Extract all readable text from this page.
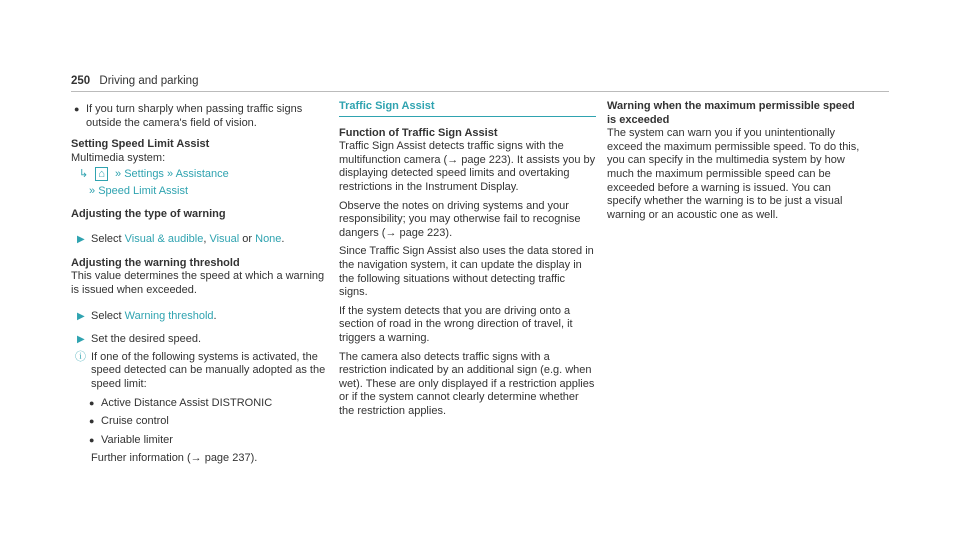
250 Driving and parking
● If you turn sharply when passing traffic signs outside the camera's field of vision.
Setting Speed Limit Assist
Multimedia system:
↳ ⌂ » Settings » Assistance
» Speed Limit Assist
Adjusting the type of warning
▶ Select Visual & audible, Visual or None.
Adjusting the warning threshold
This value determines the speed at which a warning is issued when exceeded.
▶ Select Warning threshold.
▶ Set the desired speed.
ⓘ If one of the following systems is activated, the speed detected can be manually adopted as the speed limit:
● Active Distance Assist DISTRONIC
● Cruise control
● Variable limiter
Further information (→ page 237).
Traffic Sign Assist
Function of Traffic Sign Assist
Traffic Sign Assist detects traffic signs with the multifunction camera (→ page 223). It assists you by displaying detected speed limits and overtaking restrictions in the Instrument Display.
Observe the notes on driving systems and your responsibility; you may otherwise fail to recognise dangers (→ page 223).
Since Traffic Sign Assist also uses the data stored in the navigation system, it can update the display in the following situations without detecting traffic signs.
If the system detects that you are driving onto a section of road in the wrong direction of travel, it triggers a warning.
The camera also detects traffic signs with a restriction indicated by an additional sign (e.g. when wet). These are only displayed if a restriction applies or if the system cannot clearly determine whether the restriction applies.
Warning when the maximum permissible speed is exceeded
The system can warn you if you unintentionally exceed the maximum permissible speed. To do this, you can specify in the multimedia system by how much the maximum permissible speed can be exceeded before a warning is issued. You can specify whether the warning is to be just a visual warning or an acoustic one as well.
